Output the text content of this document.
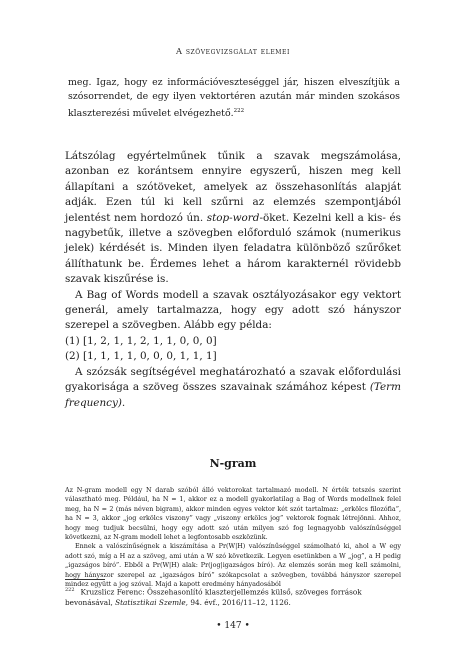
A szövegvizsgálat elemei
meg. Igaz, hogy ez információveszteséggel jár, hiszen elveszítjük a szósorrendet, de egy ilyen vektortéren azután már minden szokásos klaszterezési művelet elvégezhető.$^{222}$

Látszólag egyértelműnek tűnik a szavak megszámolása, azonban ez korántsem ennyire egyszerű, hiszen meg kell állapítani a szótöveket, amelyek az összehasonlítás alapját adják. Ezen túl ki kell szűrni az elemzés szempontjából jelentést nem hordozó ún. stop-word-öket. Kezelni kell a kis- és nagybetűk, illetve a szövegben előforduló számok (numerikus jelek) kérdését is. Minden ilyen feladatra különböző szűrőket állíthatunk be. Érdemes lehet a három karakternél rövidebb szavak kiszűrése is.

A Bag of Words modell a szavak osztályozásakor egy vektort generál, amely tartalmazza, hogy egy adott szó hányszor szerepel a szövegben. Alább egy példa:

(1) [1, 2, 1, 1, 2, 1, 1, 0, 0, 0]
(2) [1, 1, 1, 1, 0, 0, 0, 1, 1, 1]

A szózsák segítségével meghatározható a szavak előfordulási gyakorisága a szöveg összes szavainak számához képest (Term frequency).

N-gram

Az N-gram modell egy N darab szóból álló vektorokat tartalmazó modell. N érték tetszés szerint választható meg. Például, ha N = 1, akkor ez a modell gyakorlatilag a Bag of Words modellnek felel meg, ha N = 2 (más néven bigram), akkor minden egyes vektor két szót tartalmaz: „erkölcs filozófia”, ha N = 3, akkor „jog erkölcs viszony” vagy „viszony erkölcs jog” vektorok fognak létrejönni. Ahhoz, hogy meg tudjuk becsülni, hogy egy adott szó után milyen szó fog legnagyobb valószínűséggel következni, az N-gram modell lehet a legfontosabb eszközünk.

Ennek a valószínűségnek a kiszámítása a Pr(W|H) valószínűséggel számolható ki, ahol a W egy adott szó, míg a H az a szöveg, ami után a W szó következik. Legyen esetünkben a W „jog”, a H pedig „igazságos bíró”. Ebből a Pr(W|H) alak: Pr(jog|igazságos bíró). Az elemzés során meg kell számolni, hogy hányszor szerepel az „igazságos bíró” szókapcsolat a szövegben, továbbá hányszor szerepel mindez együtt a jog szóval. Majd a kapott eredmény hányadosából

$^{222}$ Kruzslicz Ferenc: Összehasonlító klaszterjellemzés külső, szöveges források bevonásával, Statisztikai Szemle, 94. évf., 2016/11–12, 1126.
• 147 •
